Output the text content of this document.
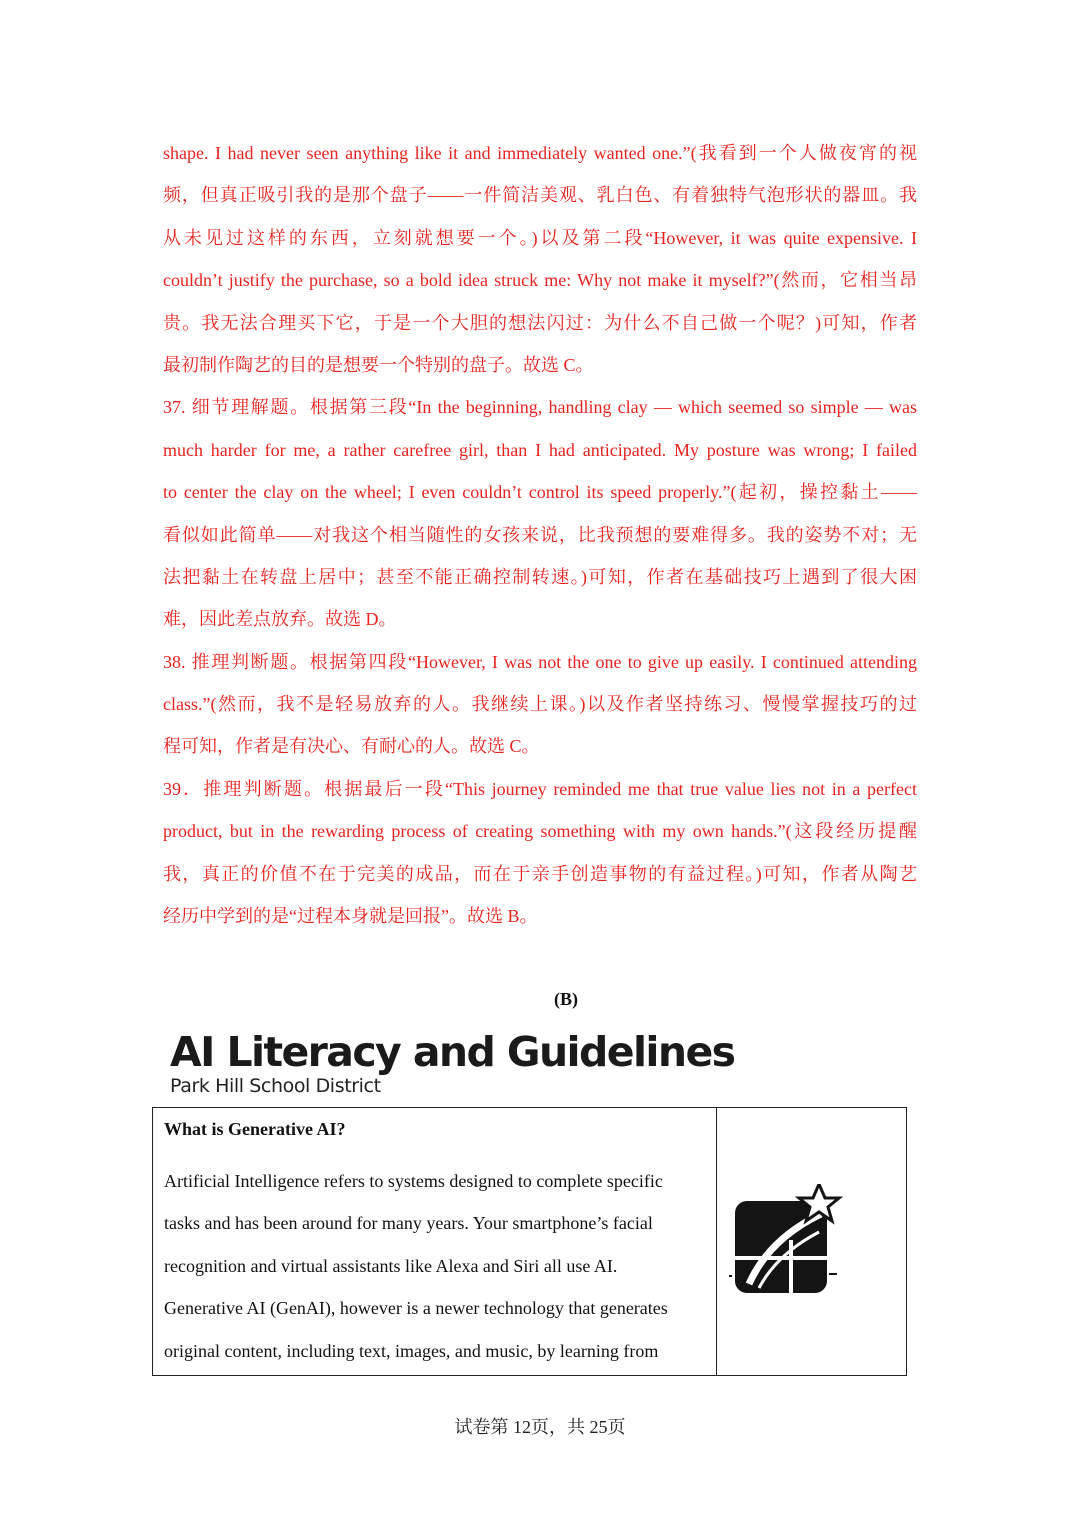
shape. I had never seen anything like it and immediately wanted one.”(我看到一个人做夜宵的视
频，但真正吸引我的是那个盘子——一件简洁美观、乳白色、有着独特气泡形状的器皿。我
从未见过这样的东西，立刻就想要一个。)以及第二段“However, it was quite expensive. I
couldn’t justify the purchase, so a bold idea struck me: Why not make it myself?”(然而，它相当昂
贵。我无法合理买下它，于是一个大胆的想法闪过：为什么不自己做一个呢？)可知，作者
最初制作陶艺的目的是想要一个特别的盘子。故选 C。
37. 细节理解题。根据第三段“In the beginning, handling clay — which seemed so simple — was
much harder for me, a rather carefree girl, than I had anticipated. My posture was wrong; I failed
to center the clay on the wheel; I even couldn’t control its speed properly.”(起初，操控黏土——
看似如此简单——对我这个相当随性的女孩来说，比我预想的要难得多。我的姿势不对；无
法把黏土在转盘上居中；甚至不能正确控制转速。)可知，作者在基础技巧上遇到了很大困
难，因此差点放弃。故选 D。
38. 推理判断题。根据第四段“However, I was not the one to give up easily. I continued attending
class.”(然而，我不是轻易放弃的人。我继续上课。)以及作者坚持练习、慢慢掌握技巧的过
程可知，作者是有决心、有耐心的人。故选 C。
39．推理判断题。根据最后一段“This journey reminded me that true value lies not in a perfect
product, but in the rewarding process of creating something with my own hands.”(这段经历提醒
我，真正的价值不在于完美的成品，而在于亲手创造事物的有益过程。)可知，作者从陶艺
经历中学到的是“过程本身就是回报”。故选 B。
(B)
AI Literacy and Guidelines
Park Hill School District
What is Generative AI?
Artificial Intelligence refers to systems designed to complete specific
tasks and has been around for many years. Your smartphone’s facial
recognition and virtual assistants like Alexa and Siri all use AI.
Generative AI (GenAI), however is a newer technology that generates
original content, including text, images, and music, by learning from
试卷第 12页，共 25页
